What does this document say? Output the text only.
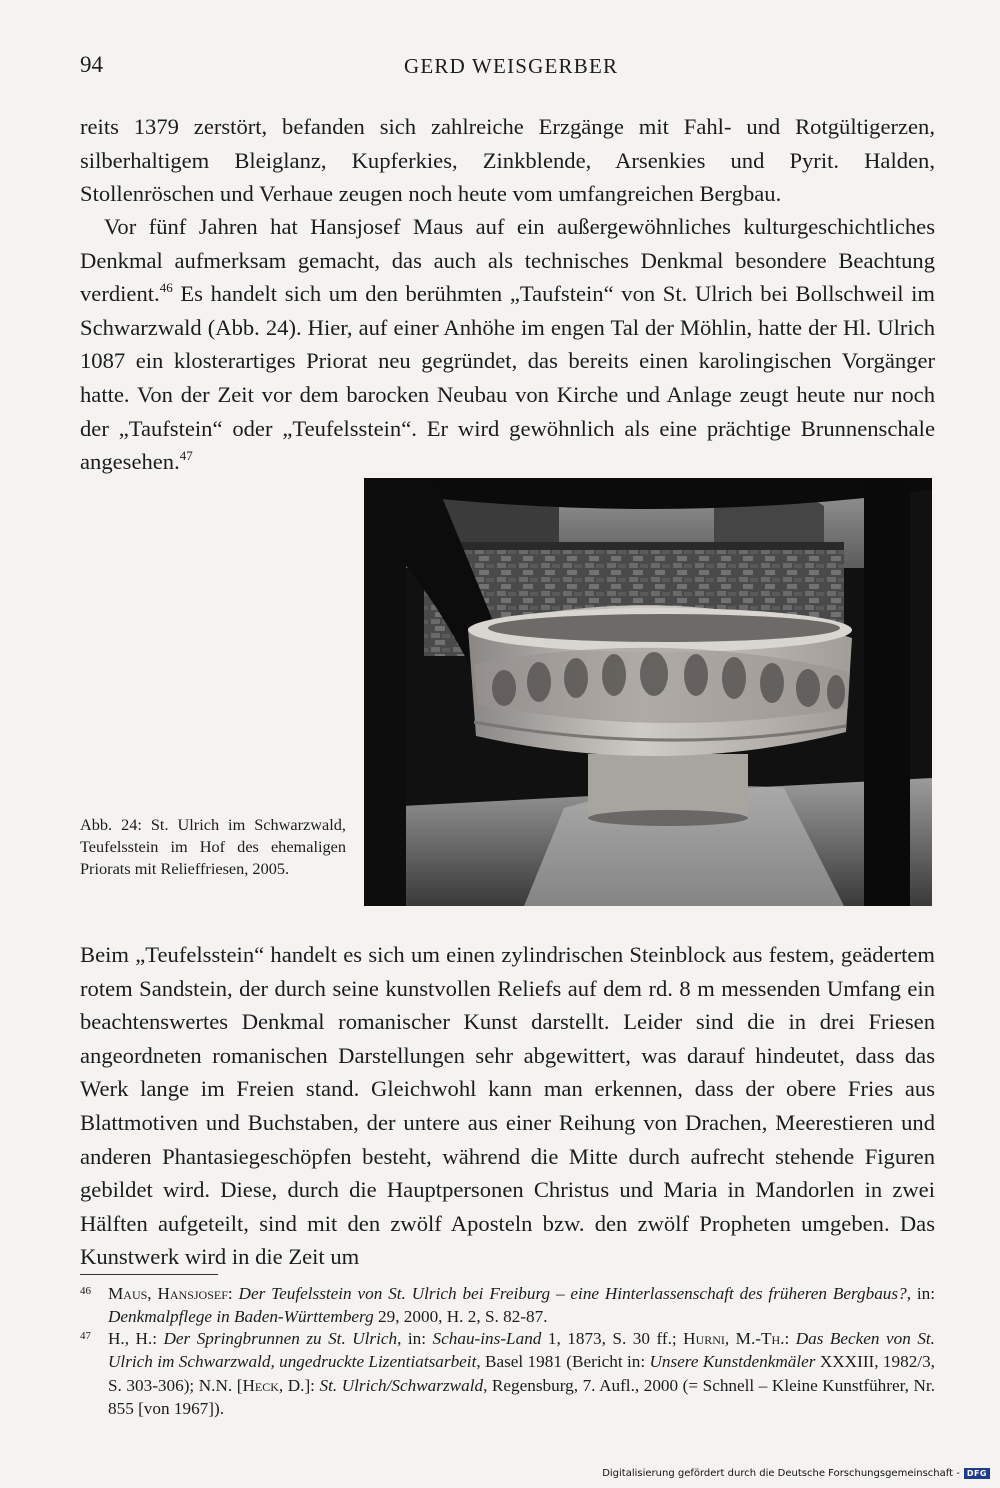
94	GERD WEISGERBER

reits 1379 zerstört, befanden sich zahlreiche Erzgänge mit Fahl- und Rotgültigerzen, silberhaltigem Bleiglanz, Kupferkies, Zinkblende, Arsenkies und Pyrit. Halden, Stollenröschen und Verhaue zeugen noch heute vom umfangreichen Bergbau.

Vor fünf Jahren hat Hansjosef Maus auf ein außergewöhnliches kulturgeschichtliches Denkmal aufmerksam gemacht, das auch als technisches Denkmal besondere Beachtung verdient.$^{46}$ Es handelt sich um den berühmten „Taufstein“ von St. Ulrich bei Bollschweil im Schwarzwald (Abb. 24). Hier, auf einer Anhöhe im engen Tal der Möhlin, hatte der Hl. Ulrich 1087 ein klosterartiges Priorat neu gegründet, das bereits einen karolingischen Vorgänger hatte. Von der Zeit vor dem barocken Neubau von Kirche und Anlage zeugt heute nur noch der „Taufstein“ oder „Teufelsstein“. Er wird gewöhnlich als eine prächtige Brunnenschale angesehen.$^{47}$

Abb. 24: St. Ulrich im Schwarzwald, Teufelsstein im Hof des ehemaligen Priorats mit Relieffriesen, 2005.

Beim „Teufelsstein“ handelt es sich um einen zylindrischen Steinblock aus festem, geädertem rotem Sandstein, der durch seine kunstvollen Reliefs auf dem rd. 8 m messenden Umfang ein beachtenswertes Denkmal romanischer Kunst darstellt. Leider sind die in drei Friesen angeordneten romanischen Darstellungen sehr abgewittert, was darauf hindeutet, dass das Werk lange im Freien stand. Gleichwohl kann man erkennen, dass der obere Fries aus Blattmotiven und Buchstaben, der untere aus einer Reihung von Drachen, Meerestieren und anderen Phantasiegeschöpfen besteht, während die Mitte durch aufrecht stehende Figuren gebildet wird. Diese, durch die Hauptpersonen Christus und Maria in Mandorlen in zwei Hälften aufgeteilt, sind mit den zwölf Aposteln bzw. den zwölf Propheten umgeben. Das Kunstwerk wird in die Zeit um

46 Maus, Hansjosef: Der Teufelsstein von St. Ulrich bei Freiburg – eine Hinterlassenschaft des früheren Bergbaus?, in: Denkmalpflege in Baden-Württemberg 29, 2000, H. 2, S. 82-87.

47 H., H.: Der Springbrunnen zu St. Ulrich, in: Schau-ins-Land 1, 1873, S. 30 ff.; Hurni, M.-Th.: Das Becken von St. Ulrich im Schwarzwald, ungedruckte Lizentiatsarbeit, Basel 1981 (Bericht in: Unsere Kunstdenkmäler XXXIII, 1982/3, S. 303-306); N.N. [Heck, D.]: St. Ulrich/Schwarzwald, Regensburg, 7. Aufl., 2000 (= Schnell – Kleine Kunstführer, Nr. 855 [von 1967]).

Digitalisierung gefördert durch die Deutsche Forschungsgemeinschaft - DFG
